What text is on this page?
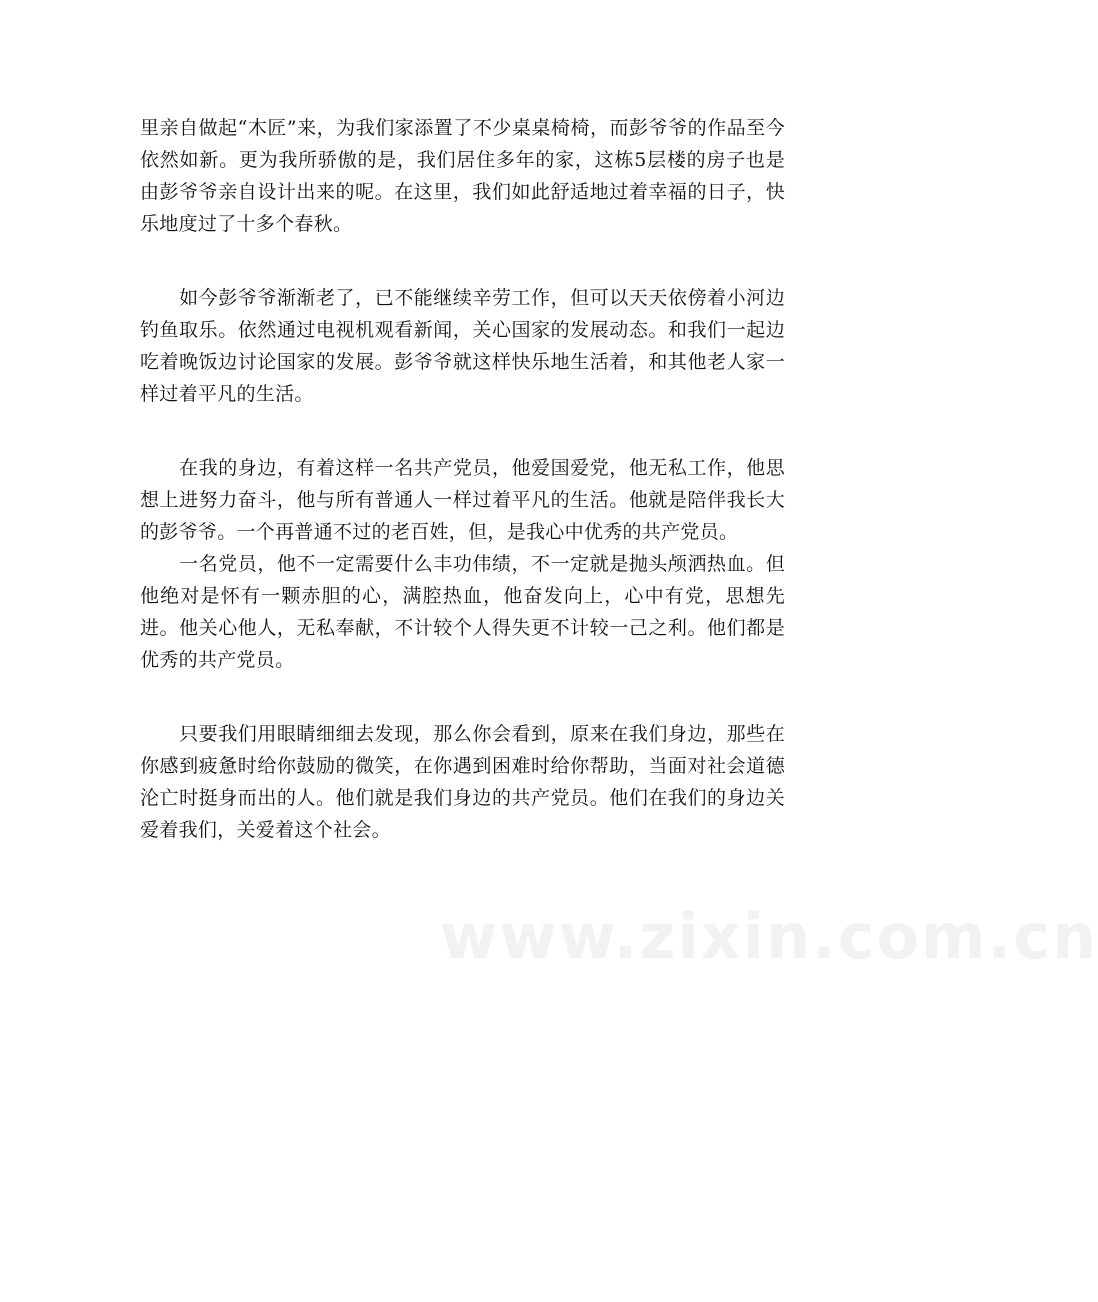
里亲自做起“木匠”来，为我们家添置了不少桌桌椅椅，而彭爷爷的作品至今依然如新。更为我所骄傲的是，我们居住多年的家，这栋5层楼的房子也是由彭爷爷亲自设计出来的呢。在这里，我们如此舒适地过着幸福的日子，快乐地度过了十多个春秋。

　　如今彭爷爷渐渐老了，已不能继续辛劳工作，但可以天天依傍着小河边钓鱼取乐。依然通过电视机观看新闻，关心国家的发展动态。和我们一起边吃着晚饭边讨论国家的发展。彭爷爷就这样快乐地生活着，和其他老人家一样过着平凡的生活。

　　在我的身边，有着这样一名共产党员，他爱国爱党，他无私工作，他思想上进努力奋斗，他与所有普通人一样过着平凡的生活。他就是陪伴我长大的彭爷爷。一个再普通不过的老百姓，但，是我心中优秀的共产党员。

　　一名党员，他不一定需要什么丰功伟绩，不一定就是抛头颅洒热血。但他绝对是怀有一颗赤胆的心，满腔热血，他奋发向上，心中有党，思想先进。他关心他人，无私奉献，不计较个人得失更不计较一己之利。他们都是优秀的共产党员。

　　只要我们用眼睛细细去发现，那么你会看到，原来在我们身边，那些在你感到疲惫时给你鼓励的微笑，在你遇到困难时给你帮助，当面对社会道德沦亡时挺身而出的人。他们就是我们身边的共产党员。他们在我们的身边关爱着我们，关爱着这个社会。

www.zixin.com.cn
